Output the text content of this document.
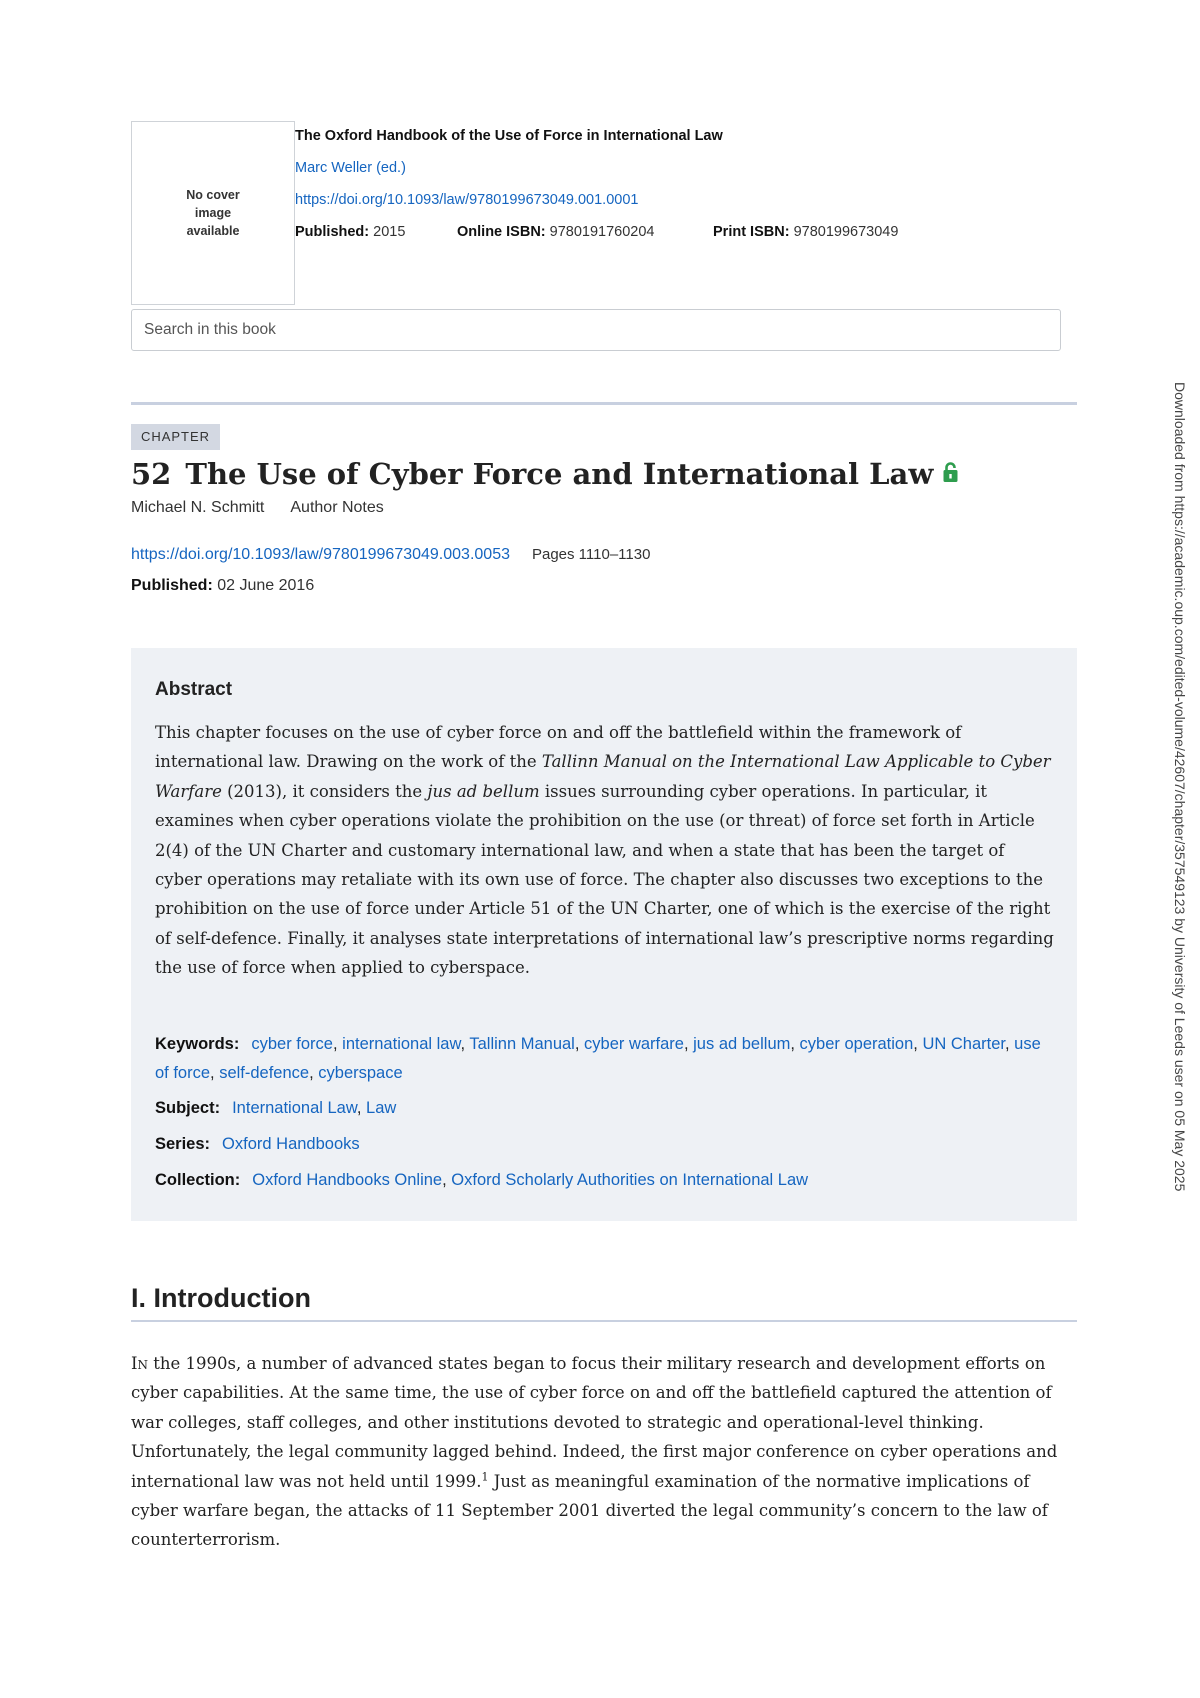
No cover image available
The Oxford Handbook of the Use of Force in International Law
Marc Weller (ed.)
https://doi.org/10.1093/law/9780199673049.001.0001
Published: 2015	Online ISBN: 9780191760204	Print ISBN: 9780199673049
Search in this book
CHAPTER
52 The Use of Cyber Force and International Law
Michael N. Schmitt Author Notes
https://doi.org/10.1093/law/9780199673049.003.0053 Pages 1110–1130
Published: 02 June 2016
Abstract
This chapter focuses on the use of cyber force on and off the battlefield within the framework of international law. Drawing on the work of the Tallinn Manual on the International Law Applicable to Cyber Warfare (2013), it considers the jus ad bellum issues surrounding cyber operations. In particular, it examines when cyber operations violate the prohibition on the use (or threat) of force set forth in Article 2(4) of the UN Charter and customary international law, and when a state that has been the target of cyber operations may retaliate with its own use of force. The chapter also discusses two exceptions to the prohibition on the use of force under Article 51 of the UN Charter, one of which is the exercise of the right of self-defence. Finally, it analyses state interpretations of international law’s prescriptive norms regarding the use of force when applied to cyberspace.
Keywords: cyber force, international law, Tallinn Manual, cyber warfare, jus ad bellum, cyber operation, UN Charter, use of force, self-defence, cyberspace
Subject: International Law, Law
Series: Oxford Handbooks
Collection: Oxford Handbooks Online, Oxford Scholarly Authorities on International Law
I. Introduction
In the 1990s, a number of advanced states began to focus their military research and development efforts on cyber capabilities. At the same time, the use of cyber force on and off the battlefield captured the attention of war colleges, staff colleges, and other institutions devoted to strategic and operational-level thinking. Unfortunately, the legal community lagged behind. Indeed, the first major conference on cyber operations and international law was not held until 1999.$^1$ Just as meaningful examination of the normative implications of cyber warfare began, the attacks of 11 September 2001 diverted the legal community’s concern to the law of counterterrorism.
Downloaded from https://academic.oup.com/edited-volume/42607/chapter/357549123 by University of Leeds user on 05 May 2025
